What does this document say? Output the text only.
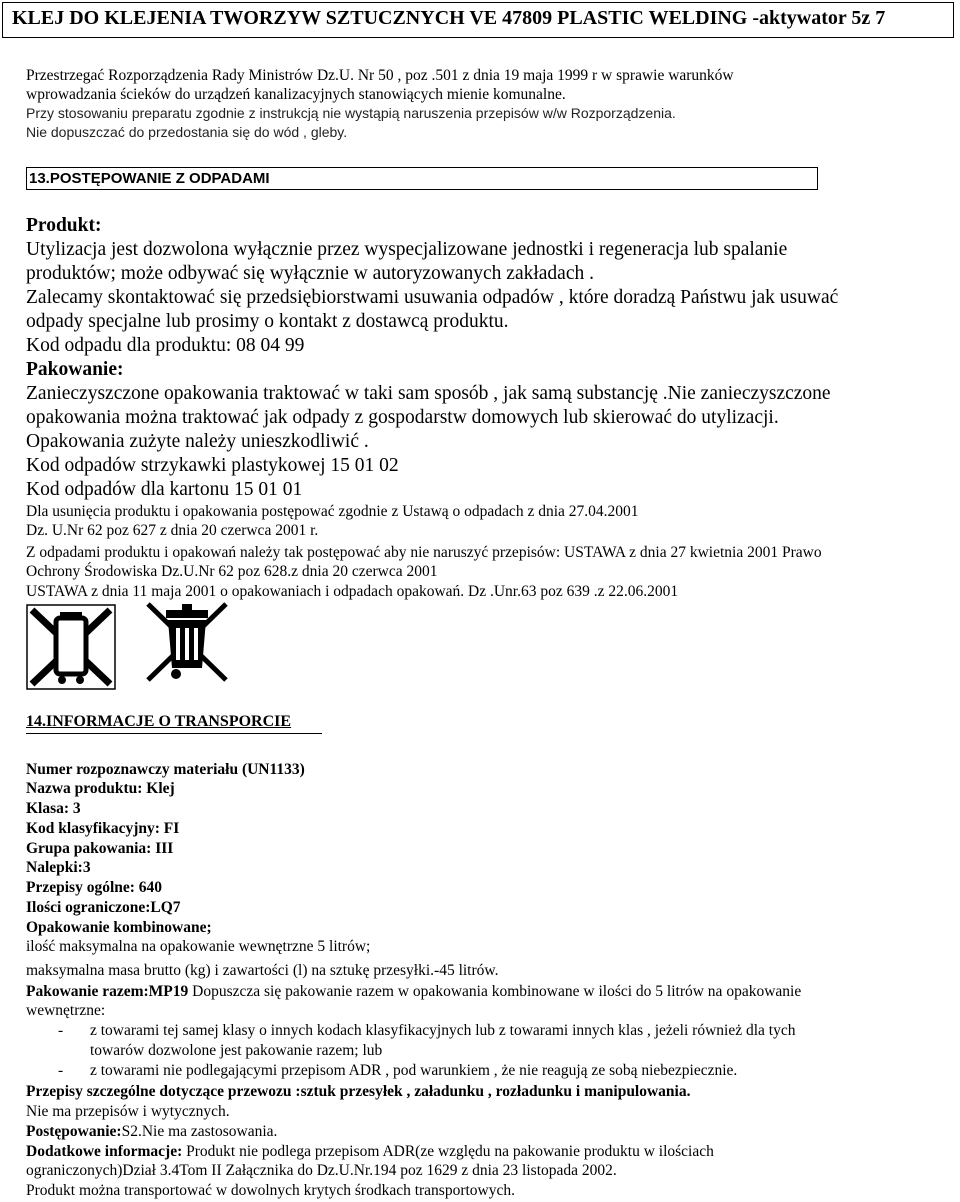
KLEJ DO KLEJENIA TWORZYW SZTUCZNYCH VE 47809 PLASTIC WELDING -aktywator 5z 7

Przestrzegać Rozporządzenia Rady Ministrów Dz.U. Nr 50 , poz .501 z dnia 19 maja 1999 r w sprawie warunków

wprowadzania ścieków do urządzeń kanalizacyjnych stanowiących mienie komunalne.

Przy stosowaniu preparatu zgodnie z instrukcją nie wystąpią naruszenia przepisów w/w Rozporządzenia.

Nie dopuszczać do przedostania się do wód , gleby.

13.POSTĘPOWANIE Z ODPADAMI

Produkt:

Utylizacja jest dozwolona wyłącznie przez wyspecjalizowane jednostki i regeneracja lub spalanie

produktów; może odbywać się wyłącznie w autoryzowanych zakładach .

Zalecamy skontaktować się przedsiębiorstwami usuwania odpadów , które doradzą Państwu jak usuwać

odpady specjalne lub prosimy o kontakt z dostawcą produktu.

Kod odpadu dla produktu: 08 04 99

Pakowanie:

Zanieczyszczone opakowania traktować w taki sam sposób , jak samą substancję .Nie zanieczyszczone

opakowania można traktować jak odpady z gospodarstw domowych lub skierować do utylizacji.

Opakowania zużyte należy unieszkodliwić .

Kod odpadów strzykawki plastykowej 15 01 02

Kod odpadów dla kartonu 15 01 01

Dla usunięcia produktu i opakowania postępować zgodnie z Ustawą o odpadach z dnia 27.04.2001

Dz. U.Nr 62 poz 627 z dnia 20 czerwca 2001 r.

Z odpadami produktu i opakowań należy tak postępować aby nie naruszyć przepisów: USTAWA z dnia 27 kwietnia 2001 Prawo

Ochrony Środowiska Dz.U.Nr 62 poz 628.z dnia 20 czerwca 2001

USTAWA z dnia 11 maja 2001 o opakowaniach i odpadach opakowań. Dz .Unr.63 poz 639 .z 22.06.2001

14.INFORMACJE O TRANSPORCIE

Numer rozpoznawczy materiału (UN1133)

Nazwa produktu: Klej

Klasa: 3

Kod klasyfikacyjny: FI

Grupa pakowania: III

Nalepki:3

Przepisy ogólne: 640

Ilości ograniczone:LQ7

Opakowanie kombinowane;

ilość maksymalna na opakowanie wewnętrzne 5 litrów;

maksymalna masa brutto (kg) i zawartości (l) na sztukę przesyłki.-45 litrów.

Pakowanie razem:MP19 Dopuszcza się pakowanie razem w opakowania kombinowane w ilości do 5 litrów na opakowanie

wewnętrzne:

- z towarami tej samej klasy o innych kodach klasyfikacyjnych lub z towarami innych klas , jeżeli również dla tych

towarów dozwolone jest pakowanie razem; lub

- z towarami nie podlegającymi przepisom ADR , pod warunkiem , że nie reagują ze sobą niebezpiecznie.

Przepisy szczególne dotyczące przewozu :sztuk przesyłek , załadunku , rozładunku i manipulowania.

Nie ma przepisów i wytycznych.

Postępowanie:S2.Nie ma zastosowania.

Dodatkowe informacje: Produkt nie podlega przepisom ADR(ze względu na pakowanie produktu w ilościach

ograniczonych)Dział 3.4Tom II Załącznika do Dz.U.Nr.194 poz 1629 z dnia 23 listopada 2002.

Produkt można transportować w dowolnych krytych środkach transportowych.
